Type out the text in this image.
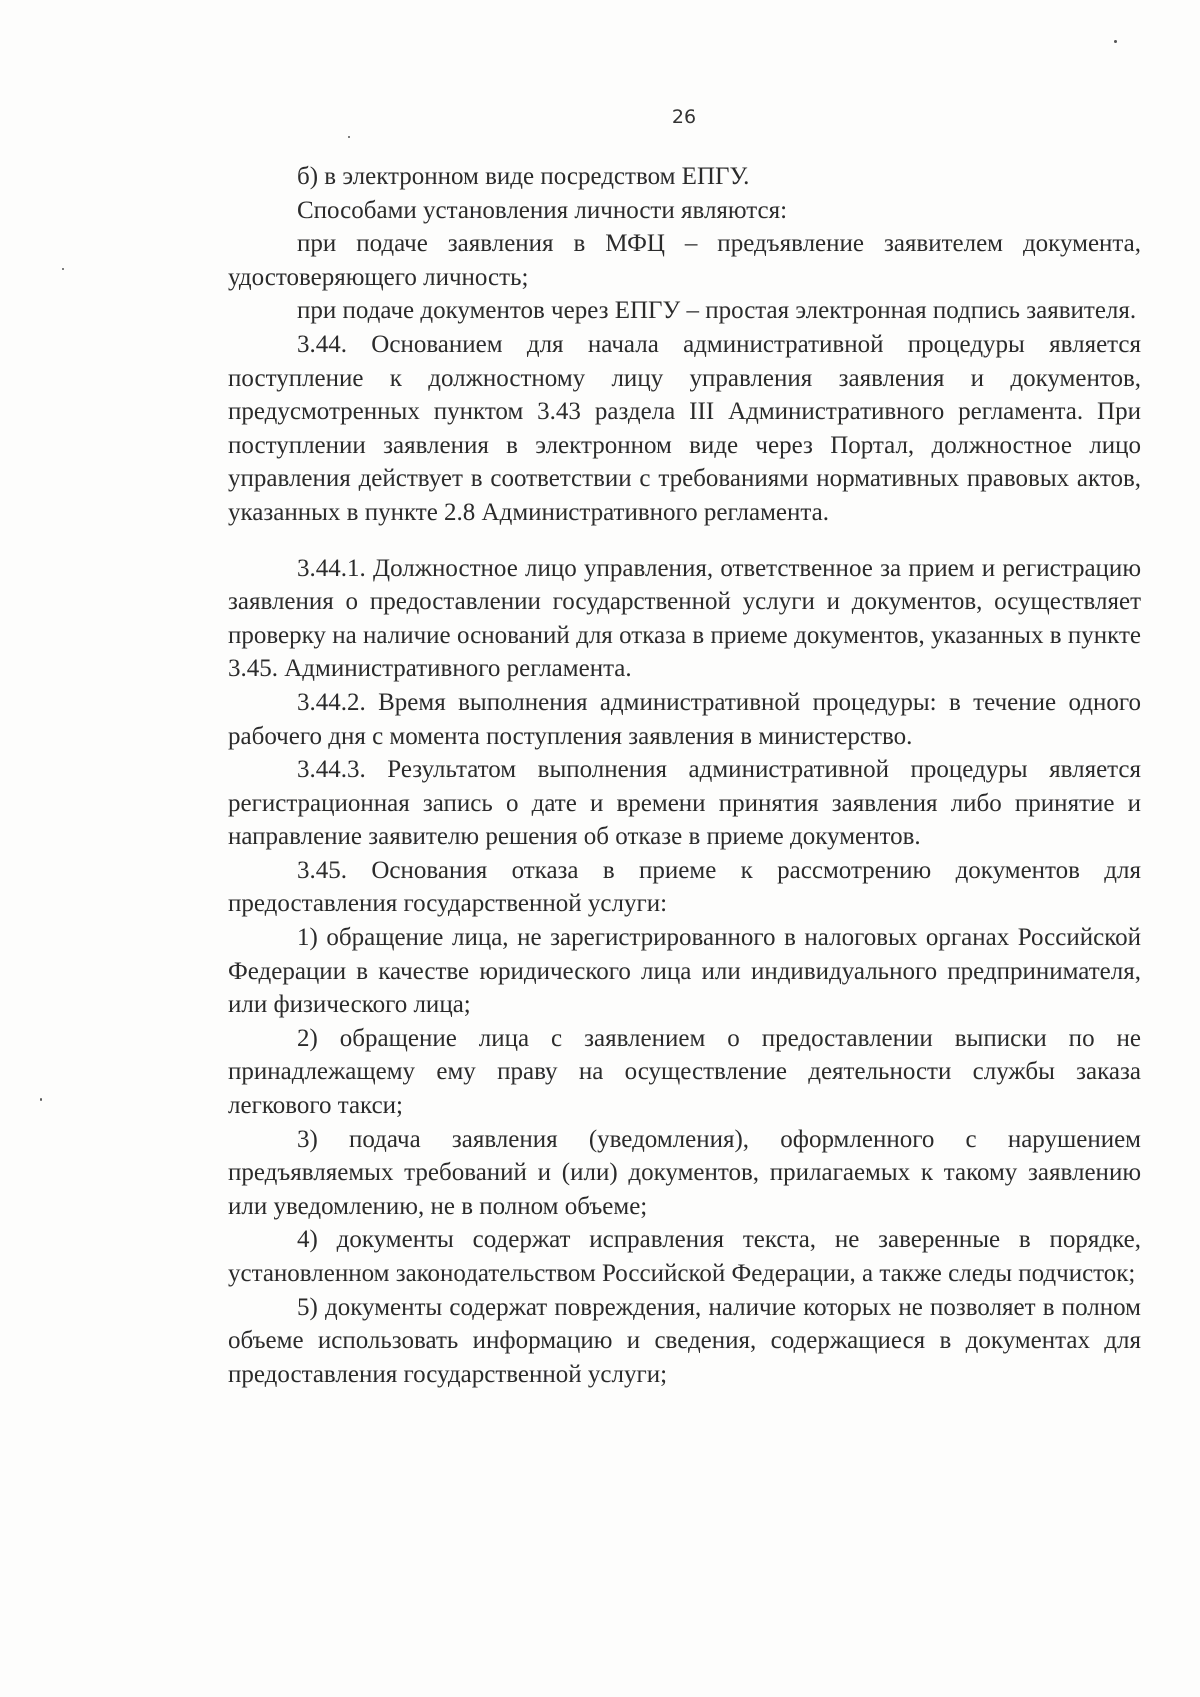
26

б) в электронном виде посредством ЕПГУ.

Способами установления личности являются:

при подаче заявления в МФЦ – предъявление заявителем документа, удостоверяющего личность;

при подаче документов через ЕПГУ – простая электронная подпись заявителя.

3.44. Основанием для начала административной процедуры является поступление к должностному лицу управления заявления и документов, предусмотренных пунктом 3.43 раздела III Административного регламента. При поступлении заявления в электронном виде через Портал, должностное лицо управления действует в соответствии с требованиями нормативных правовых актов, указанных в пункте 2.8 Административного регламента.

3.44.1. Должностное лицо управления, ответственное за прием и регистрацию заявления о предоставлении государственной услуги и документов, осуществляет проверку на наличие оснований для отказа в приеме документов, указанных в пункте 3.45. Административного регламента.

3.44.2. Время выполнения административной процедуры: в течение одного рабочего дня с момента поступления заявления в министерство.

3.44.3. Результатом выполнения административной процедуры является регистрационная запись о дате и времени принятия заявления либо принятие и направление заявителю решения об отказе в приеме документов.

3.45. Основания отказа в приеме к рассмотрению документов для предоставления государственной услуги:

1) обращение лица, не зарегистрированного в налоговых органах Российской Федерации в качестве юридического лица или индивидуального предпринимателя, или физического лица;

2) обращение лица с заявлением о предоставлении выписки по не принадлежащему ему праву на осуществление деятельности службы заказа легкового такси;

3) подача заявления (уведомления), оформленного с нарушением предъявляемых требований и (или) документов, прилагаемых к такому заявлению или уведомлению, не в полном объеме;

4) документы содержат исправления текста, не заверенные в порядке, установленном законодательством Российской Федерации, а также следы подчисток;

5) документы содержат повреждения, наличие которых не позволяет в полном объеме использовать информацию и сведения, содержащиеся в документах для предоставления государственной услуги;
